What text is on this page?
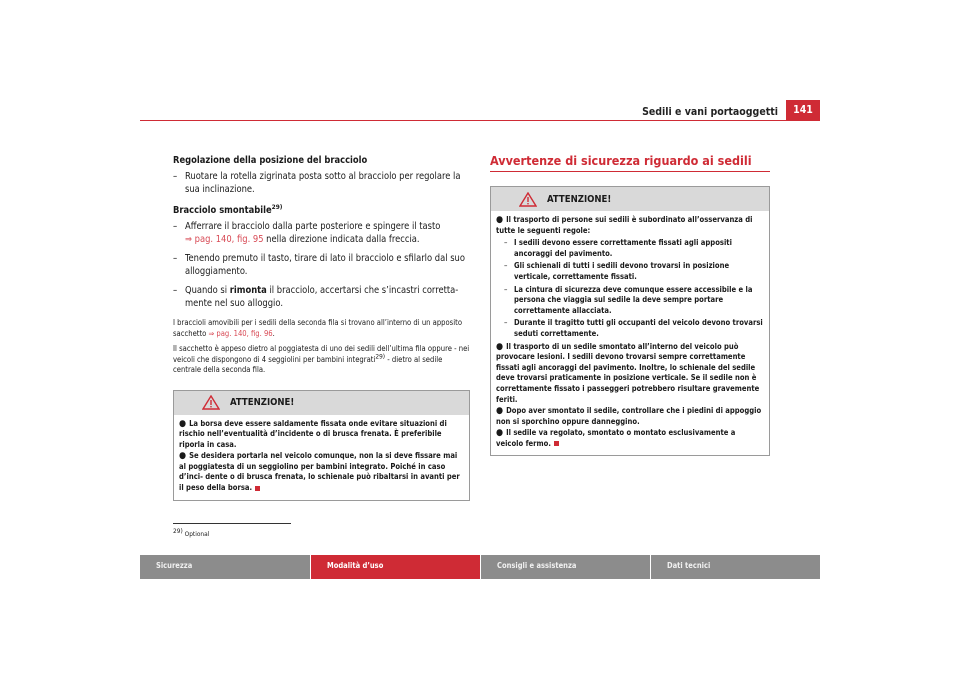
Sedili e vani portaoggetti	141

Regolazione della posizione del bracciolo

– Ruotare la rotella zigrinata posta sotto al bracciolo per regolare la sua inclinazione.

Bracciolo smontabile$^{29)}$

– Afferrare il bracciolo dalla parte posteriore e spingere il tasto
⇒ pag. 140, fig. 95 nella direzione indicata dalla freccia.

– Tenendo premuto il tasto, tirare di lato il bracciolo e sfilarlo dal suo alloggiamento.

– Quando si rimonta il bracciolo, accertarsi che s’incastri corretta- mente nel suo alloggio.

I braccioli amovibili per i sedili della seconda fila si trovano all’interno di un apposito sacchetto ⇒ pag. 140, fig. 96.

Il sacchetto è appeso dietro al poggiatesta di uno dei sedili dell’ultima fila oppure - nei veicoli che dispongono di 4 seggiolini per bambini integrati$^{29)}$ - dietro al sedile centrale della seconda fila.

ATTENZIONE!

● La borsa deve essere saldamente fissata onde evitare situazioni di rischio nell’eventualità d’incidente o di brusca frenata. È preferibile riporla in casa.

● Se desidera portarla nel veicolo comunque, non la si deve fissare mai al poggiatesta di un seggiolino per bambini integrato. Poiché in caso d’inci- dente o di brusca frenata, lo schienale può ribaltarsi in avanti per il peso della borsa.

Avvertenze di sicurezza riguardo ai sedili
ATTENZIONE!

● Il trasporto di persone sui sedili è subordinato all’osservanza di tutte le seguenti regole:

– I sedili devono essere correttamente fissati agli appositi ancoraggi del pavimento.

– Gli schienali di tutti i sedili devono trovarsi in posizione verticale, correttamente fissati.

– La cintura di sicurezza deve comunque essere accessibile e la persona che viaggia sul sedile la deve sempre portare correttamente allacciata.

– Durante il tragitto tutti gli occupanti del veicolo devono trovarsi seduti correttamente.

● Il trasporto di un sedile smontato all’interno del veicolo può provocare lesioni. I sedili devono trovarsi sempre correttamente fissati agli ancoraggi del pavimento. Inoltre, lo schienale del sedile deve trovarsi praticamente in posizione verticale. Se il sedile non è correttamente fissato i passeggeri potrebbero risultare gravemente feriti.

● Dopo aver smontato il sedile, controllare che i piedini di appoggio non si sporchino oppure danneggino.

● Il sedile va regolato, smontato o montato esclusivamente a veicolo fermo.

$^{29)}$ Optional
Sicurezza	Modalità d’uso	Consigli e assistenza	Dati tecnici
